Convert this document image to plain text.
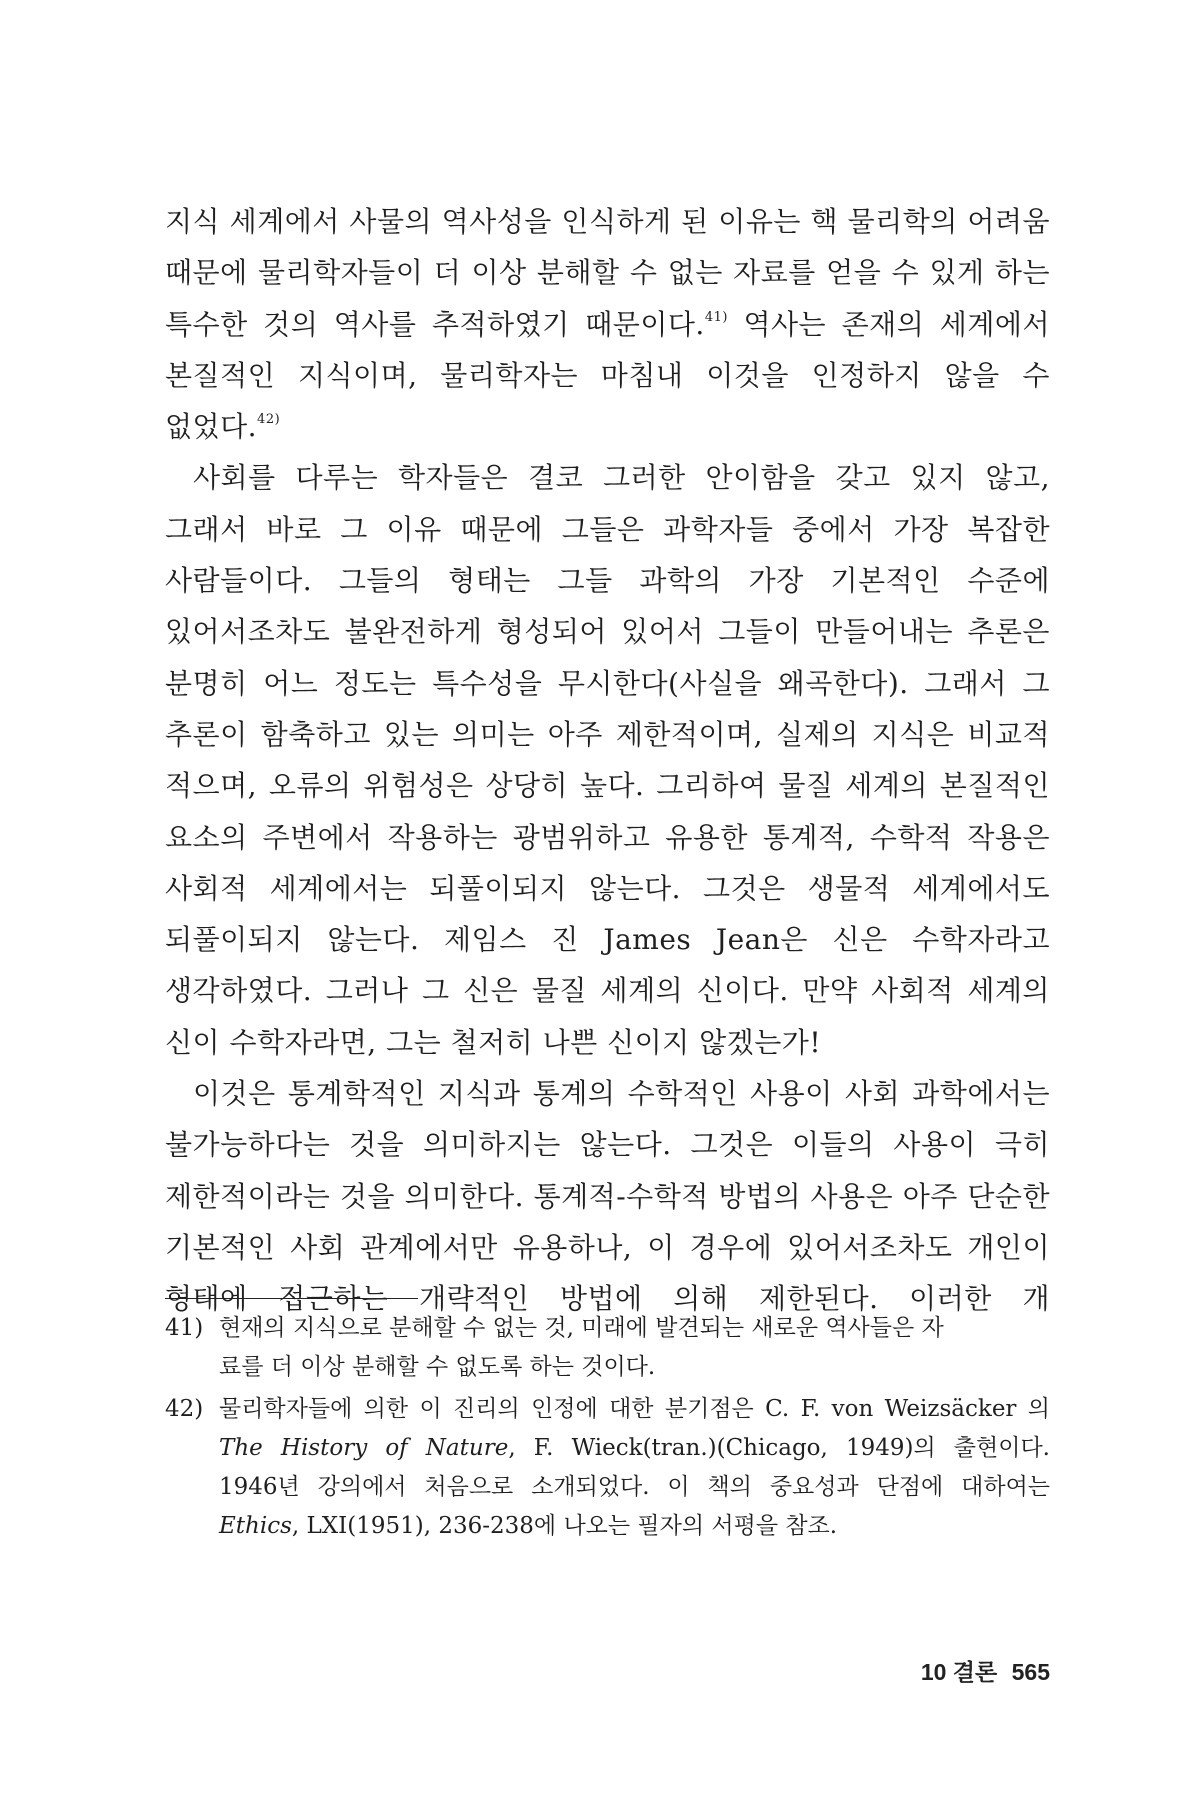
지식 세계에서 사물의 역사성을 인식하게 된 이유는 핵 물리학의 어려움 때문에 물리학자들이 더 이상 분해할 수 없는 자료를 얻을 수 있게 하는 특수한 것의 역사를 추적하였기 때문이다.$^{41)}$ 역사는 존재의 세계에서 본질적인 지식이며, 물리학자는 마침내 이것을 인정하지 않을 수 없었다.$^{42)}$

사회를 다루는 학자들은 결코 그러한 안이함을 갖고 있지 않고, 그래서 바로 그 이유 때문에 그들은 과학자들 중에서 가장 복잡한 사람들이다. 그들의 형태는 그들 과학의 가장 기본적인 수준에 있어서조차도 불완전하게 형성되어 있어서 그들이 만들어내는 추론은 분명히 어느 정도는 특수성을 무시한다(사실을 왜곡한다). 그래서 그 추론이 함축하고 있는 의미는 아주 제한적이며, 실제의 지식은 비교적 적으며, 오류의 위험성은 상당히 높다. 그리하여 물질 세계의 본질적인 요소의 주변에서 작용하는 광범위하고 유용한 통계적, 수학적 작용은 사회적 세계에서는 되풀이되지 않는다. 그것은 생물적 세계에서도 되풀이되지 않는다. 제임스 진 James Jean은 신은 수학자라고 생각하였다. 그러나 그 신은 물질 세계의 신이다. 만약 사회적 세계의 신이 수학자라면, 그는 철저히 나쁜 신이지 않겠는가!

이것은 통계학적인 지식과 통계의 수학적인 사용이 사회 과학에서는 불가능하다는 것을 의미하지는 않는다. 그것은 이들의 사용이 극히 제한적이라는 것을 의미한다. 통계적-수학적 방법의 사용은 아주 단순한 기본적인 사회 관계에서만 유용하나, 이 경우에 있어서조차도 개인이 형태에 접근하는 개략적인 방법에 의해 제한된다. 이러한 개

41) 현재의 지식으로 분해할 수 없는 것, 미래에 발견되는 새로운 역사들은 자
료를 더 이상 분해할 수 없도록 하는 것이다.
42) 물리학자들에 의한 이 진리의 인정에 대한 분기점은 C. F. von Weizsäcker 의 The History of Nature, F. Wieck(tran.)(Chicago, 1949)의 출현이다. 1946년 강의에서 처음으로 소개되었다. 이 책의 중요성과 단점에 대하여는 Ethics, LXI(1951), 236-238에 나오는 필자의 서평을 참조.
10 결론 565
